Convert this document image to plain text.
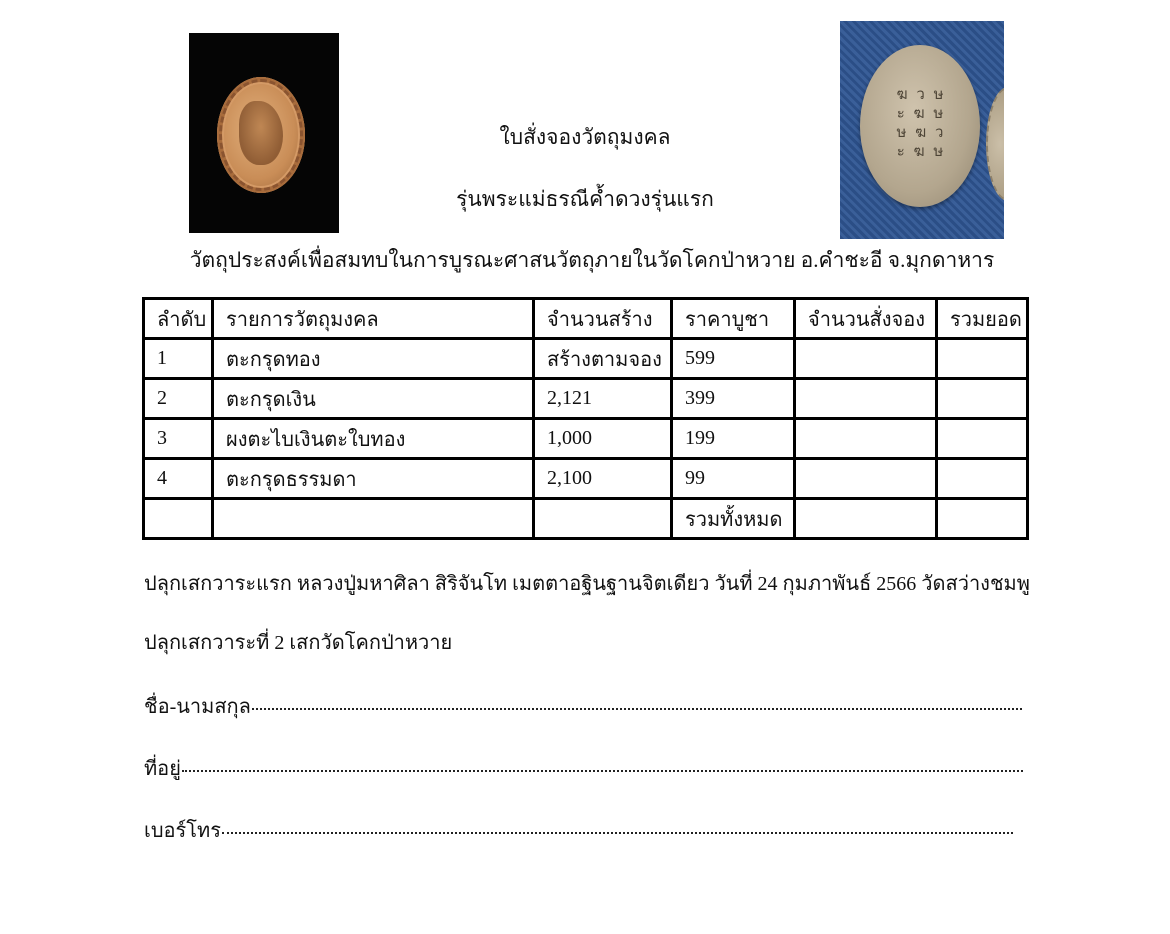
ฆ ว ษ
ะ ฆ ษ
ษ ฆ ว
ะ ฆ ษ
ใบสั่งจองวัตถุมงคล
รุ่นพระแม่ธรณีค้ำดวงรุ่นแรก
วัตถุประสงค์เพื่อสมทบในการบูรณะศาสนวัตถุภายในวัดโคกป่าหวาย อ.คำชะอี จ.มุกดาหาร
ลำดับ	รายการวัตถุมงคล	จำนวนสร้าง	ราคาบูชา	จำนวนสั่งจอง	รวมยอด
1	ตะกรุดทอง	สร้างตามจอง	599		
2	ตะกรุดเงิน	2,121	399		
3	ผงตะไบเงินตะใบทอง	1,000	199		
4	ตะกรุดธรรมดา	2,100	99		
			รวมทั้งหมด		
ปลุกเสกวาระแรก หลวงปู่มหาศิลา สิริจันโท เมตตาอฐินฐานจิตเดียว วันที่ 24 กุมภาพันธ์ 2566 วัดสว่างชมพู
ปลุกเสกวาระที่ 2 เสกวัดโคกป่าหวาย
ชื่อ-นามสกุล
ที่อยู่
เบอร์โทร
